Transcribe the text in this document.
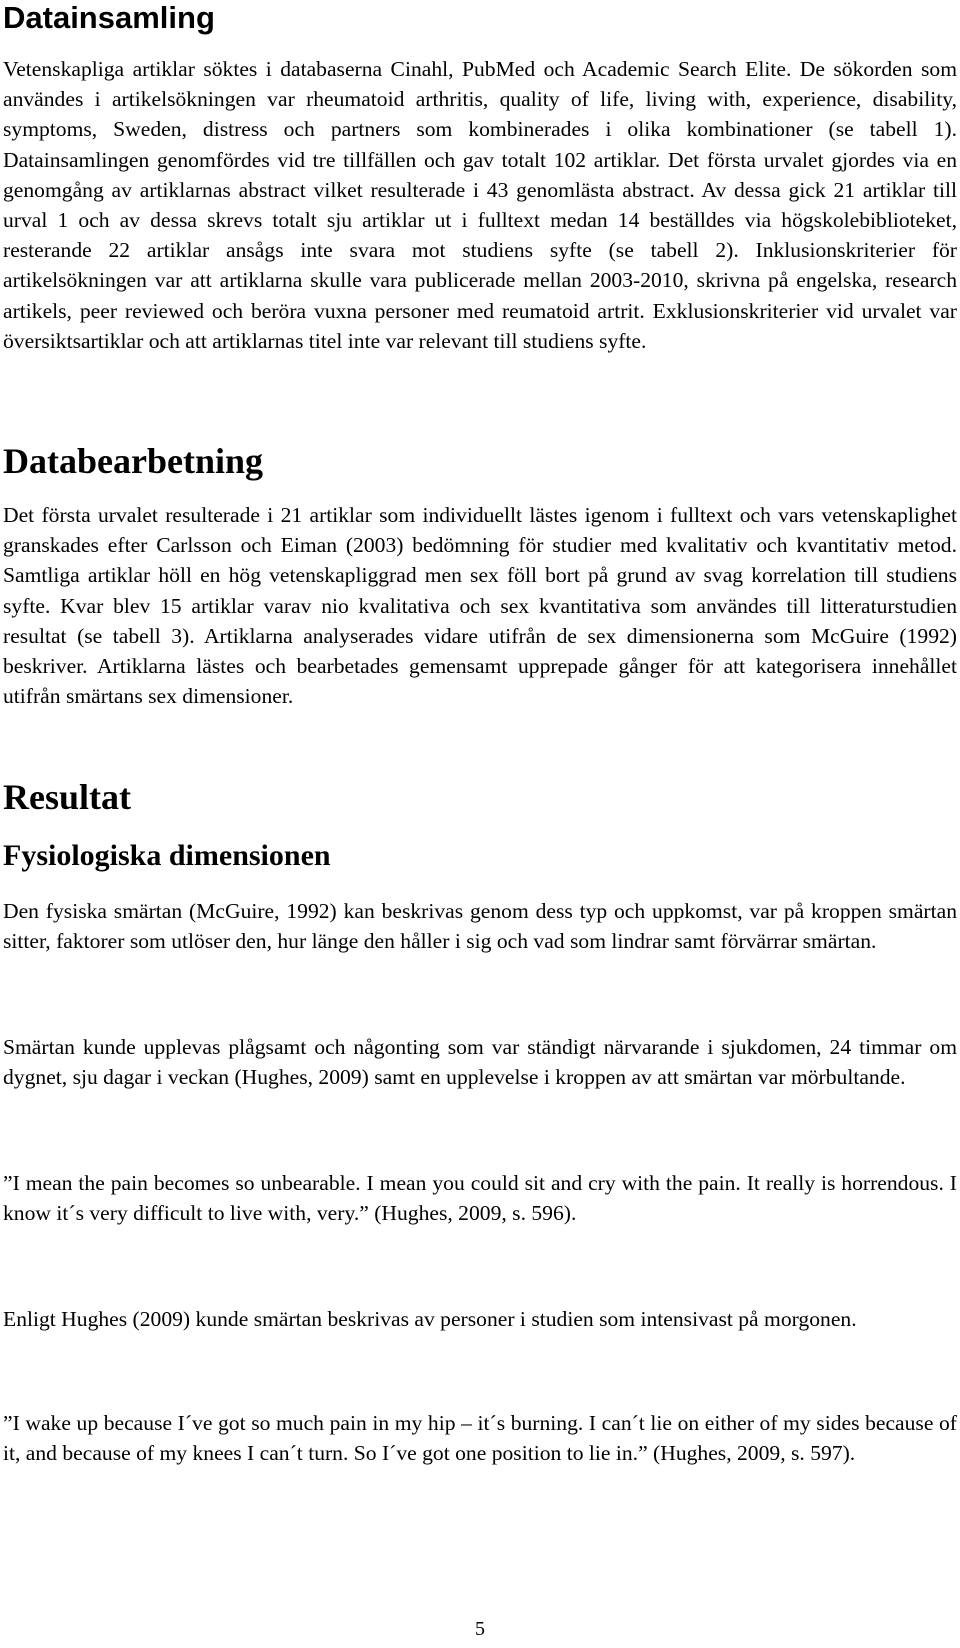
Datainsamling

Vetenskapliga artiklar söktes i databaserna Cinahl, PubMed och Academic Search Elite. De sökorden som användes i artikelsökningen var rheumatoid arthritis, quality of life, living with, experience, disability, symptoms, Sweden, distress och partners som kombinerades i olika kombinationer (se tabell 1). Datainsamlingen genomfördes vid tre tillfällen och gav totalt 102 artiklar. Det första urvalet gjordes via en genomgång av artiklarnas abstract vilket resulterade i 43 genomlästa abstract. Av dessa gick 21 artiklar till urval 1 och av dessa skrevs totalt sju artiklar ut i fulltext medan 14 beställdes via högskolebiblioteket, resterande 22 artiklar ansågs inte svara mot studiens syfte (se tabell 2). Inklusionskriterier för artikelsökningen var att artiklarna skulle vara publicerade mellan 2003-2010, skrivna på engelska, research artikels, peer reviewed och beröra vuxna personer med reumatoid artrit. Exklusionskriterier vid urvalet var översiktsartiklar och att artiklarnas titel inte var relevant till studiens syfte.

Databearbetning

Det första urvalet resulterade i 21 artiklar som individuellt lästes igenom i fulltext och vars vetenskaplighet granskades efter Carlsson och Eiman (2003) bedömning för studier med kvalitativ och kvantitativ metod. Samtliga artiklar höll en hög vetenskapliggrad men sex föll bort på grund av svag korrelation till studiens syfte. Kvar blev 15 artiklar varav nio kvalitativa och sex kvantitativa som användes till litteraturstudien resultat (se tabell 3). Artiklarna analyserades vidare utifrån de sex dimensionerna som McGuire (1992) beskriver. Artiklarna lästes och bearbetades gemensamt upprepade gånger för att kategorisera innehållet utifrån smärtans sex dimensioner.

Resultat
Fysiologiska dimensionen

Den fysiska smärtan (McGuire, 1992) kan beskrivas genom dess typ och uppkomst, var på kroppen smärtan sitter, faktorer som utlöser den, hur länge den håller i sig och vad som lindrar samt förvärrar smärtan.

Smärtan kunde upplevas plågsamt och någonting som var ständigt närvarande i sjukdomen, 24 timmar om dygnet, sju dagar i veckan (Hughes, 2009) samt en upplevelse i kroppen av att smärtan var mörbultande.

”I mean the pain becomes so unbearable. I mean you could sit and cry with the pain. It really is horrendous. I know it´s very difficult to live with, very.” (Hughes, 2009, s. 596).

Enligt Hughes (2009) kunde smärtan beskrivas av personer i studien som intensivast på morgonen.

”I wake up because I´ve got so much pain in my hip – it´s burning. I can´t lie on either of my sides because of it, and because of my knees I can´t turn. So I´ve got one position to lie in.” (Hughes, 2009, s. 597).

5
